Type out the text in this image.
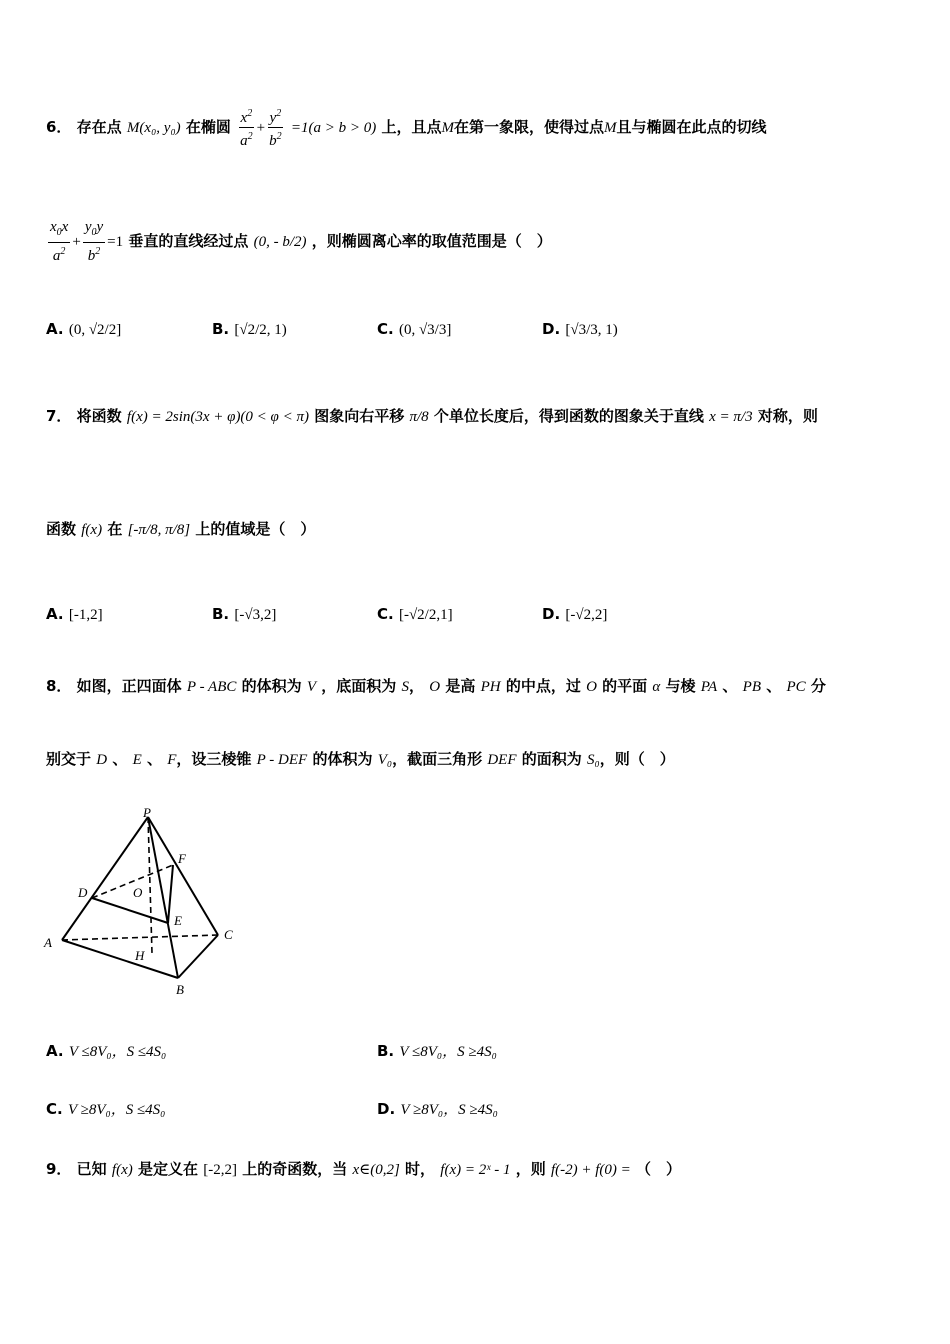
6． 存在点 M(x₀, y₀) 在椭圆 $\frac{x^2}{a^2} + \frac{y^2}{b^2} =1(a > b > 0)$ 上，且点M在第一象限，使得过点M且与椭圆在此点的切线
$\frac{x_0x}{a^2} + \frac{y_0y}{b^2} =1$ 垂直的直线经过点 (0, - b/2) ，则椭圆离心率的取值范围是（　）
A. (0, √2/2]	B. [√2/2, 1)	C. (0, √3/3]	D. [√3/3, 1)
7． 将函数 f(x) = 2sin(3x + φ)(0 < φ < π) 图象向右平移 π/8 个单位长度后，得到函数的图象关于直线 x = π/3 对称，则
函数 f(x) 在 [-π/8, π/8] 上的值域是（　）
A. [-1,2]	B. [-√3,2]	C. [-√2/2,1]	D. [-√2,2]
8． 如图，正四面体 P - ABC 的体积为 V ，底面积为 S， O 是高 PH 的中点，过 O 的平面 α 与棱 PA 、 PB 、 PC 分
别交于 D 、 E 、 F，设三棱锥 P - DEF 的体积为 V₀，截面三角形 DEF 的面积为 S₀，则（　）
P
F
D	O
E
A
H
C
B
A. V ≤8V₀，S ≤4S₀	B. V ≤8V₀，S ≥4S₀
C. V ≥8V₀，S ≤4S₀	D. V ≥8V₀，S ≥4S₀
9． 已知 f(x) 是定义在 [-2,2] 上的奇函数，当 x∈(0,2] 时， f(x) = 2ˣ - 1 ，则 f(-2) + f(0) = （　）
